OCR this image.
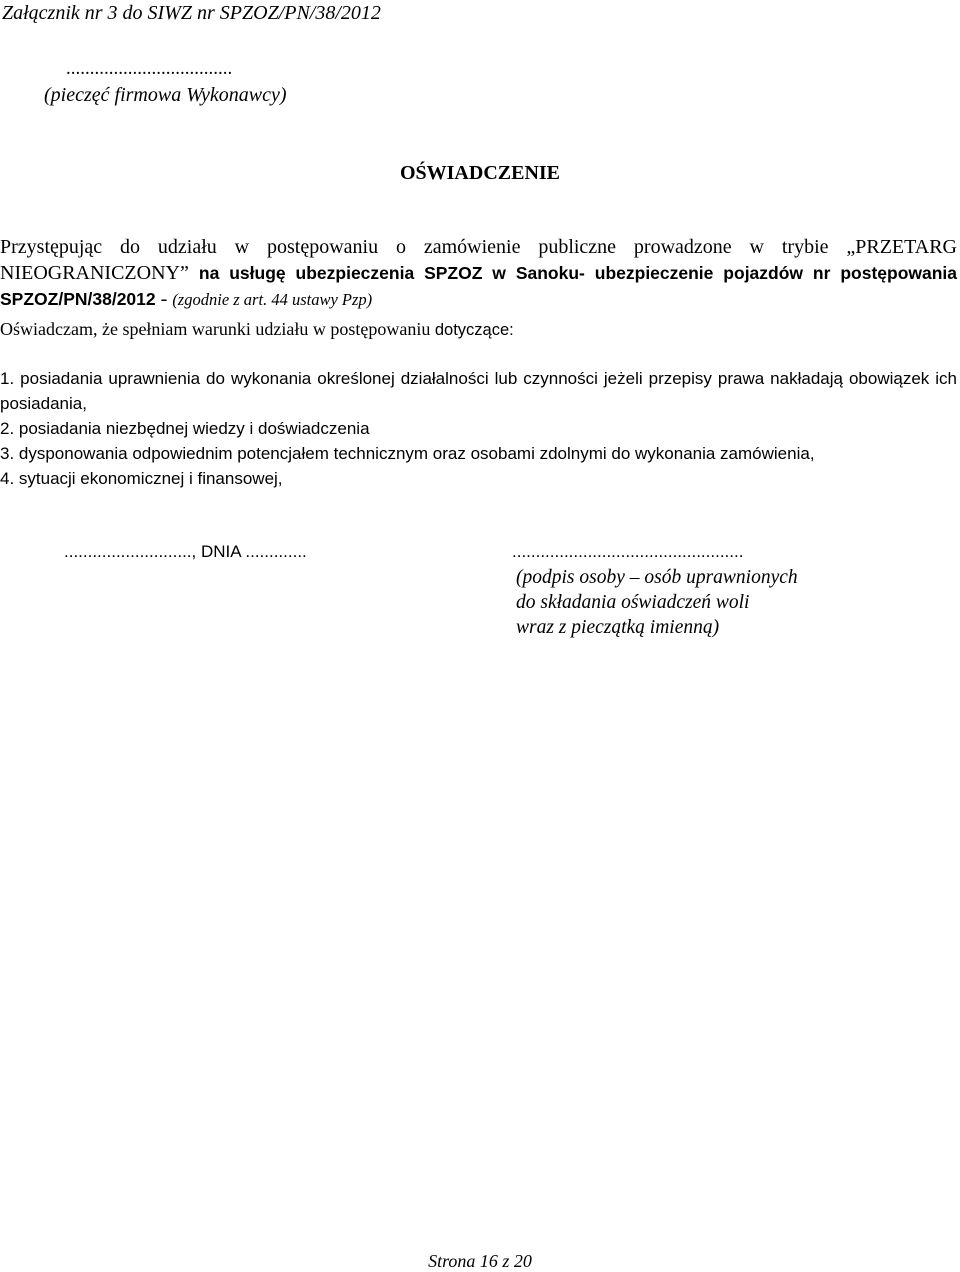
Załącznik nr 3 do SIWZ nr SPZOZ/PN/38/2012
...................................
(pieczęć firmowa Wykonawcy)
OŚWIADCZENIE
Przystępując do udziału w postępowaniu o zamówienie publiczne prowadzone w trybie „PRZETARG NIEOGRANICZONY” na usługę ubezpieczenia SPZOZ w Sanoku- ubezpieczenie pojazdów nr postępowania SPZOZ/PN/38/2012 - (zgodnie z art. 44 ustawy Pzp)
Oświadczam, że spełniam warunki udziału w postępowaniu dotyczące:
1. posiadania uprawnienia do wykonania określonej działalności lub czynności jeżeli przepisy prawa nakładają obowiązek ich posiadania,
2. posiadania niezbędnej wiedzy i doświadczenia
3. dysponowania odpowiednim potencjałem technicznym oraz osobami zdolnymi do wykonania zamówienia,
4. sytuacji ekonomicznej i finansowej,
..........................., DNIA .............	.................................................
(podpis osoby – osób uprawnionych
do składania oświadczeń woli
wraz z pieczątką imienną)
Strona 16 z 20
